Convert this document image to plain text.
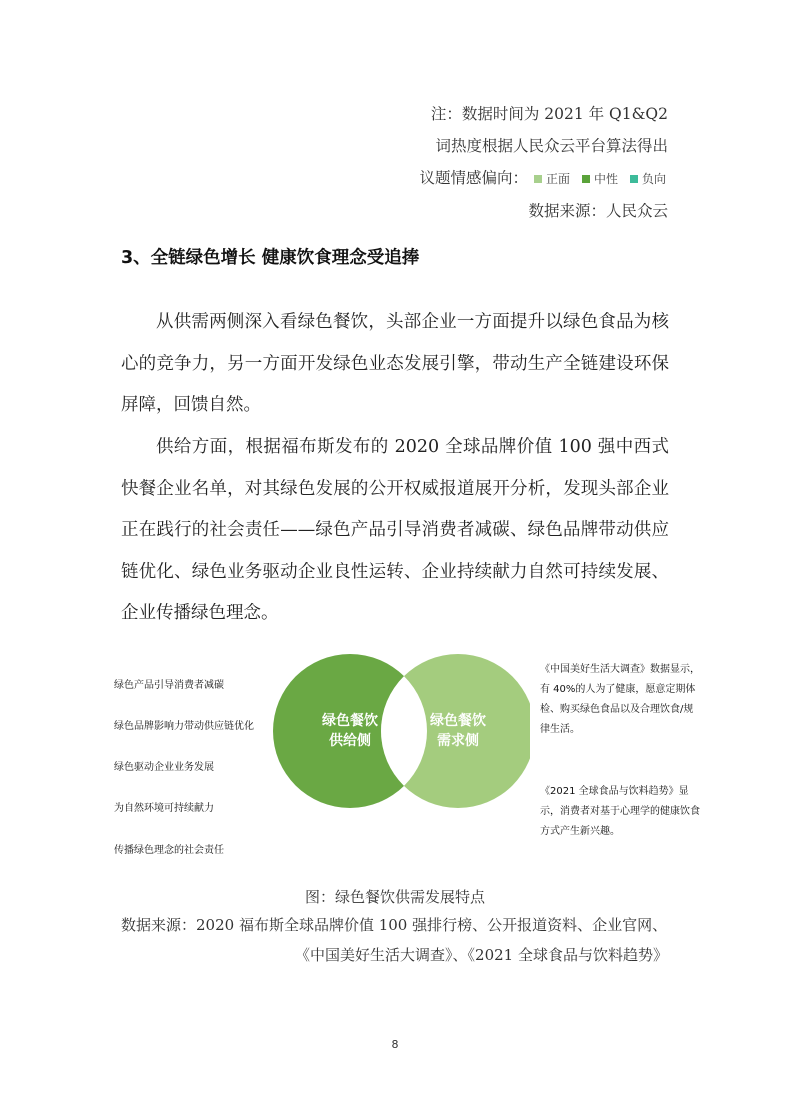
注：数据时间为 2021 年 Q1&Q2
词热度根据人民众云平台算法得出
议题情感偏向： 正面 中性 负向
数据来源：人民众云
3、全链绿色增长 健康饮食理念受追捧

从供需两侧深入看绿色餐饮，头部企业一方面提升以绿色食品为核心的竞争力，另一方面开发绿色业态发展引擎，带动生产全链建设环保屏障，回馈自然。

供给方面，根据福布斯发布的 2020 全球品牌价值 100 强中西式快餐企业名单，对其绿色发展的公开权威报道展开分析，发现头部企业正在践行的社会责任——绿色产品引导消费者减碳、绿色品牌带动供应链优化、绿色业务驱动企业良性运转、企业持续献力自然可持续发展、企业传播绿色理念。

绿色产品引导消费者减碳
绿色品牌影响力带动供应链优化
绿色驱动企业业务发展
为自然环境可持续献力
传播绿色理念的社会责任
绿色餐饮
供给侧
绿色餐饮
需求侧

《中国美好生活大调查》数据显示，有 40%的人为了健康，愿意定期体检、购买绿色食品以及合理饮食/规律生活。

《2021 全球食品与饮料趋势》显示，消费者对基于心理学的健康饮食方式产生新兴趣。

图：绿色餐饮供需发展特点
数据来源：2020 福布斯全球品牌价值 100 强排行榜、公开报道资料、企业官网、
《中国美好生活大调查》、《2021 全球食品与饮料趋势》
8
